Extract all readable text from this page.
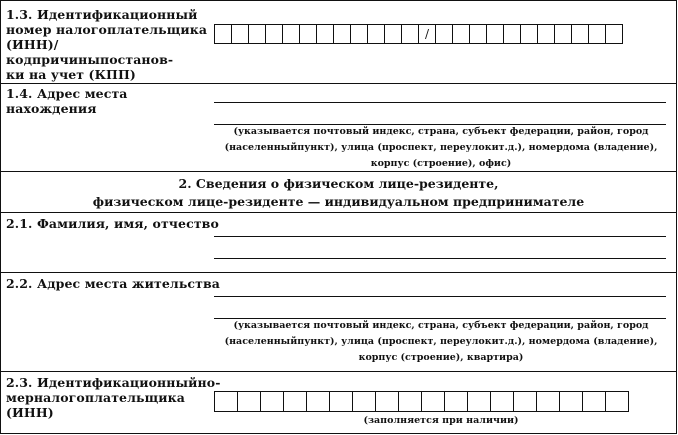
1.3. Идентификационный
номер налогоплательщика
(ИНН)/кодпричиныпостанов-
ки на учет (КПП)
/
1.4. Адрес места нахождения
(указывается почтовый индекс, страна, субъект федерации, район, город
(населенныйпункт), улица (проспект, переулокит.д.), номердома (владение),
корпус (строение), офис)
2. Сведения о физическом лице-резиденте,
физическом лице-резиденте — индивидуальном предпринимателе
2.1. Фамилия, имя, отчество
2.2. Адрес места жительства
(указывается почтовый индекс, страна, субъект федерации, район, город
(населенныйпункт), улица (проспект, переулокит.д.), номердома (владение),
корпус (строение), квартира)
2.3. Идентификационныйно-
мерналогоплательщика (ИНН)
(заполняется при наличии)
